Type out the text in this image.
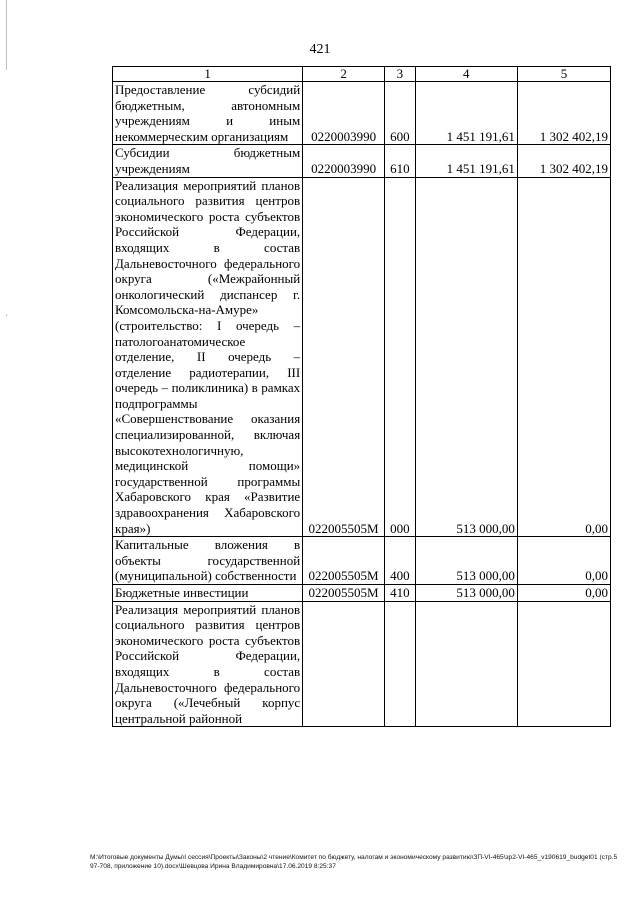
421
1	2	3	4	5
Предоставление субсидий бюджетным, автономным учреждениям и иным некоммерческим организациям	0220003990	600	1 451 191,61	1 302 402,19
Субсидии бюджетным учреждениям	0220003990	610	1 451 191,61	1 302 402,19
Реализация мероприятий планов социального развития центров экономического роста субъектов Российской Федерации, входящих в состав Дальневосточного федерального округа («Межрайонный онкологический диспансер г. Комсомольска-на-Амуре» (строительство: I очередь – патологоанатомическое отделение, II очередь – отделение радиотерапии, III очередь – поликлиника) в рамках подпрограммы «Совершенствование оказания специализированной, включая высокотехнологичную, медицинской помощи» государственной программы Хабаровского края «Развитие здравоохранения Хабаровского края»)	022005505М	000	513 000,00	0,00
Капитальные вложения в объекты государственной (муниципальной) собственности	022005505М	400	513 000,00	0,00
Бюджетные инвестиции	022005505М	410	513 000,00	0,00
Реализация мероприятий планов социального развития центров экономического роста субъектов Российской Федерации, входящих в состав Дальневосточного федерального округа («Лечебный корпус центральной районной				
M:\Итоговые документы Думы\I сессия\Проекты\Законы\2 чтение\Комитет по бюджету, налогам и экономическому развитию\ЗП-VI-465\зр2-VI-465_v190619_budget01 (стр.597-708, приложение 10).docx\Шевцова Ирина Владимировна\17.06.2019 8:25:37
